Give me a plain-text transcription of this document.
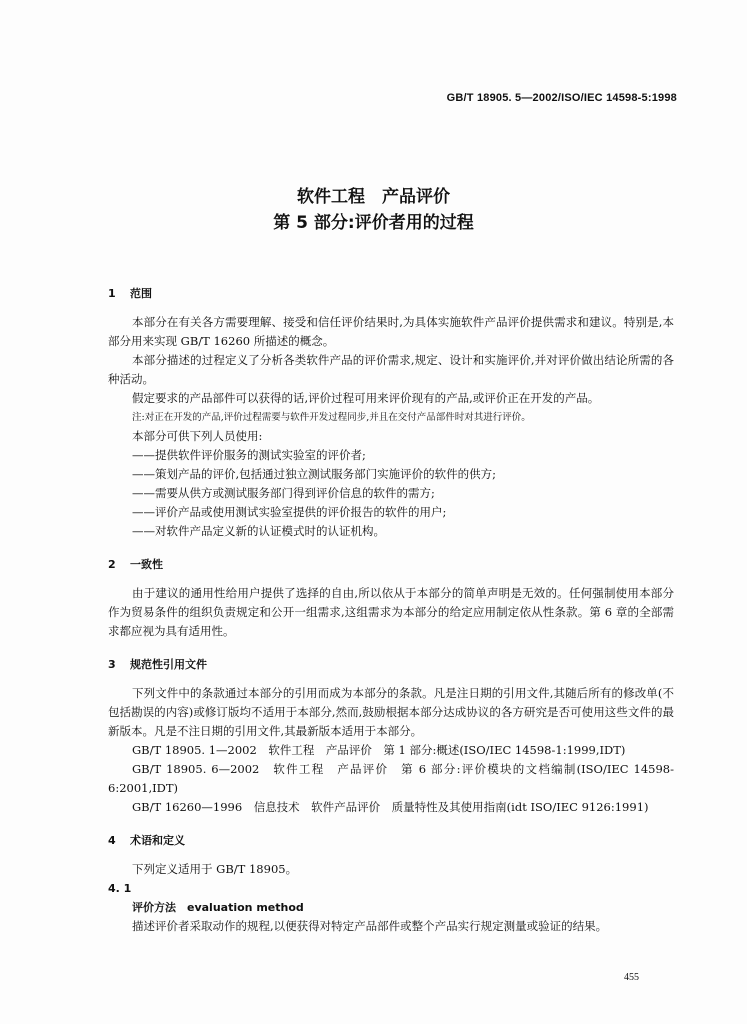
GB/T 18905. 5—2002/ISO/IEC 14598-5:1998
软件工程　产品评价
第 5 部分:评价者用的过程

1 范围

本部分在有关各方需要理解、接受和信任评价结果时,为具体实施软件产品评价提供需求和建议。特别是,本部分用来实现 GB/T 16260 所描述的概念。

本部分描述的过程定义了分析各类软件产品的评价需求,规定、设计和实施评价,并对评价做出结论所需的各种活动。

假定要求的产品部件可以获得的话,评价过程可用来评价现有的产品,或评价正在开发的产品。

注:对正在开发的产品,评价过程需要与软件开发过程同步,并且在交付产品部件时对其进行评价。

本部分可供下列人员使用:

——提供软件评价服务的测试实验室的评价者;

——策划产品的评价,包括通过独立测试服务部门实施评价的软件的供方;

——需要从供方或测试服务部门得到评价信息的软件的需方;

——评价产品或使用测试实验室提供的评价报告的软件的用户;

——对软件产品定义新的认证模式时的认证机构。

2 一致性

由于建议的通用性给用户提供了选择的自由,所以依从于本部分的简单声明是无效的。任何强制使用本部分作为贸易条件的组织负责规定和公开一组需求,这组需求为本部分的给定应用制定依从性条款。第 6 章的全部需求都应视为具有适用性。

3 规范性引用文件

下列文件中的条款通过本部分的引用而成为本部分的条款。凡是注日期的引用文件,其随后所有的修改单(不包括勘误的内容)或修订版均不适用于本部分,然而,鼓励根据本部分达成协议的各方研究是否可使用这些文件的最新版本。凡是不注日期的引用文件,其最新版本适用于本部分。

GB/T 18905. 1—2002　软件工程　产品评价　第 1 部分:概述(ISO/IEC 14598-1:1999,IDT)

GB/T 18905. 6—2002　软件工程　产品评价　第 6 部分:评价模块的文档编制(ISO/IEC 14598-6:2001,IDT)

GB/T 16260—1996　信息技术　软件产品评价　质量特性及其使用指南(idt ISO/IEC 9126:1991)

4 术语和定义

下列定义适用于 GB/T 18905。

4. 1

评价方法　evaluation method

描述评价者采取动作的规程,以便获得对特定产品部件或整个产品实行规定测量或验证的结果。

455
